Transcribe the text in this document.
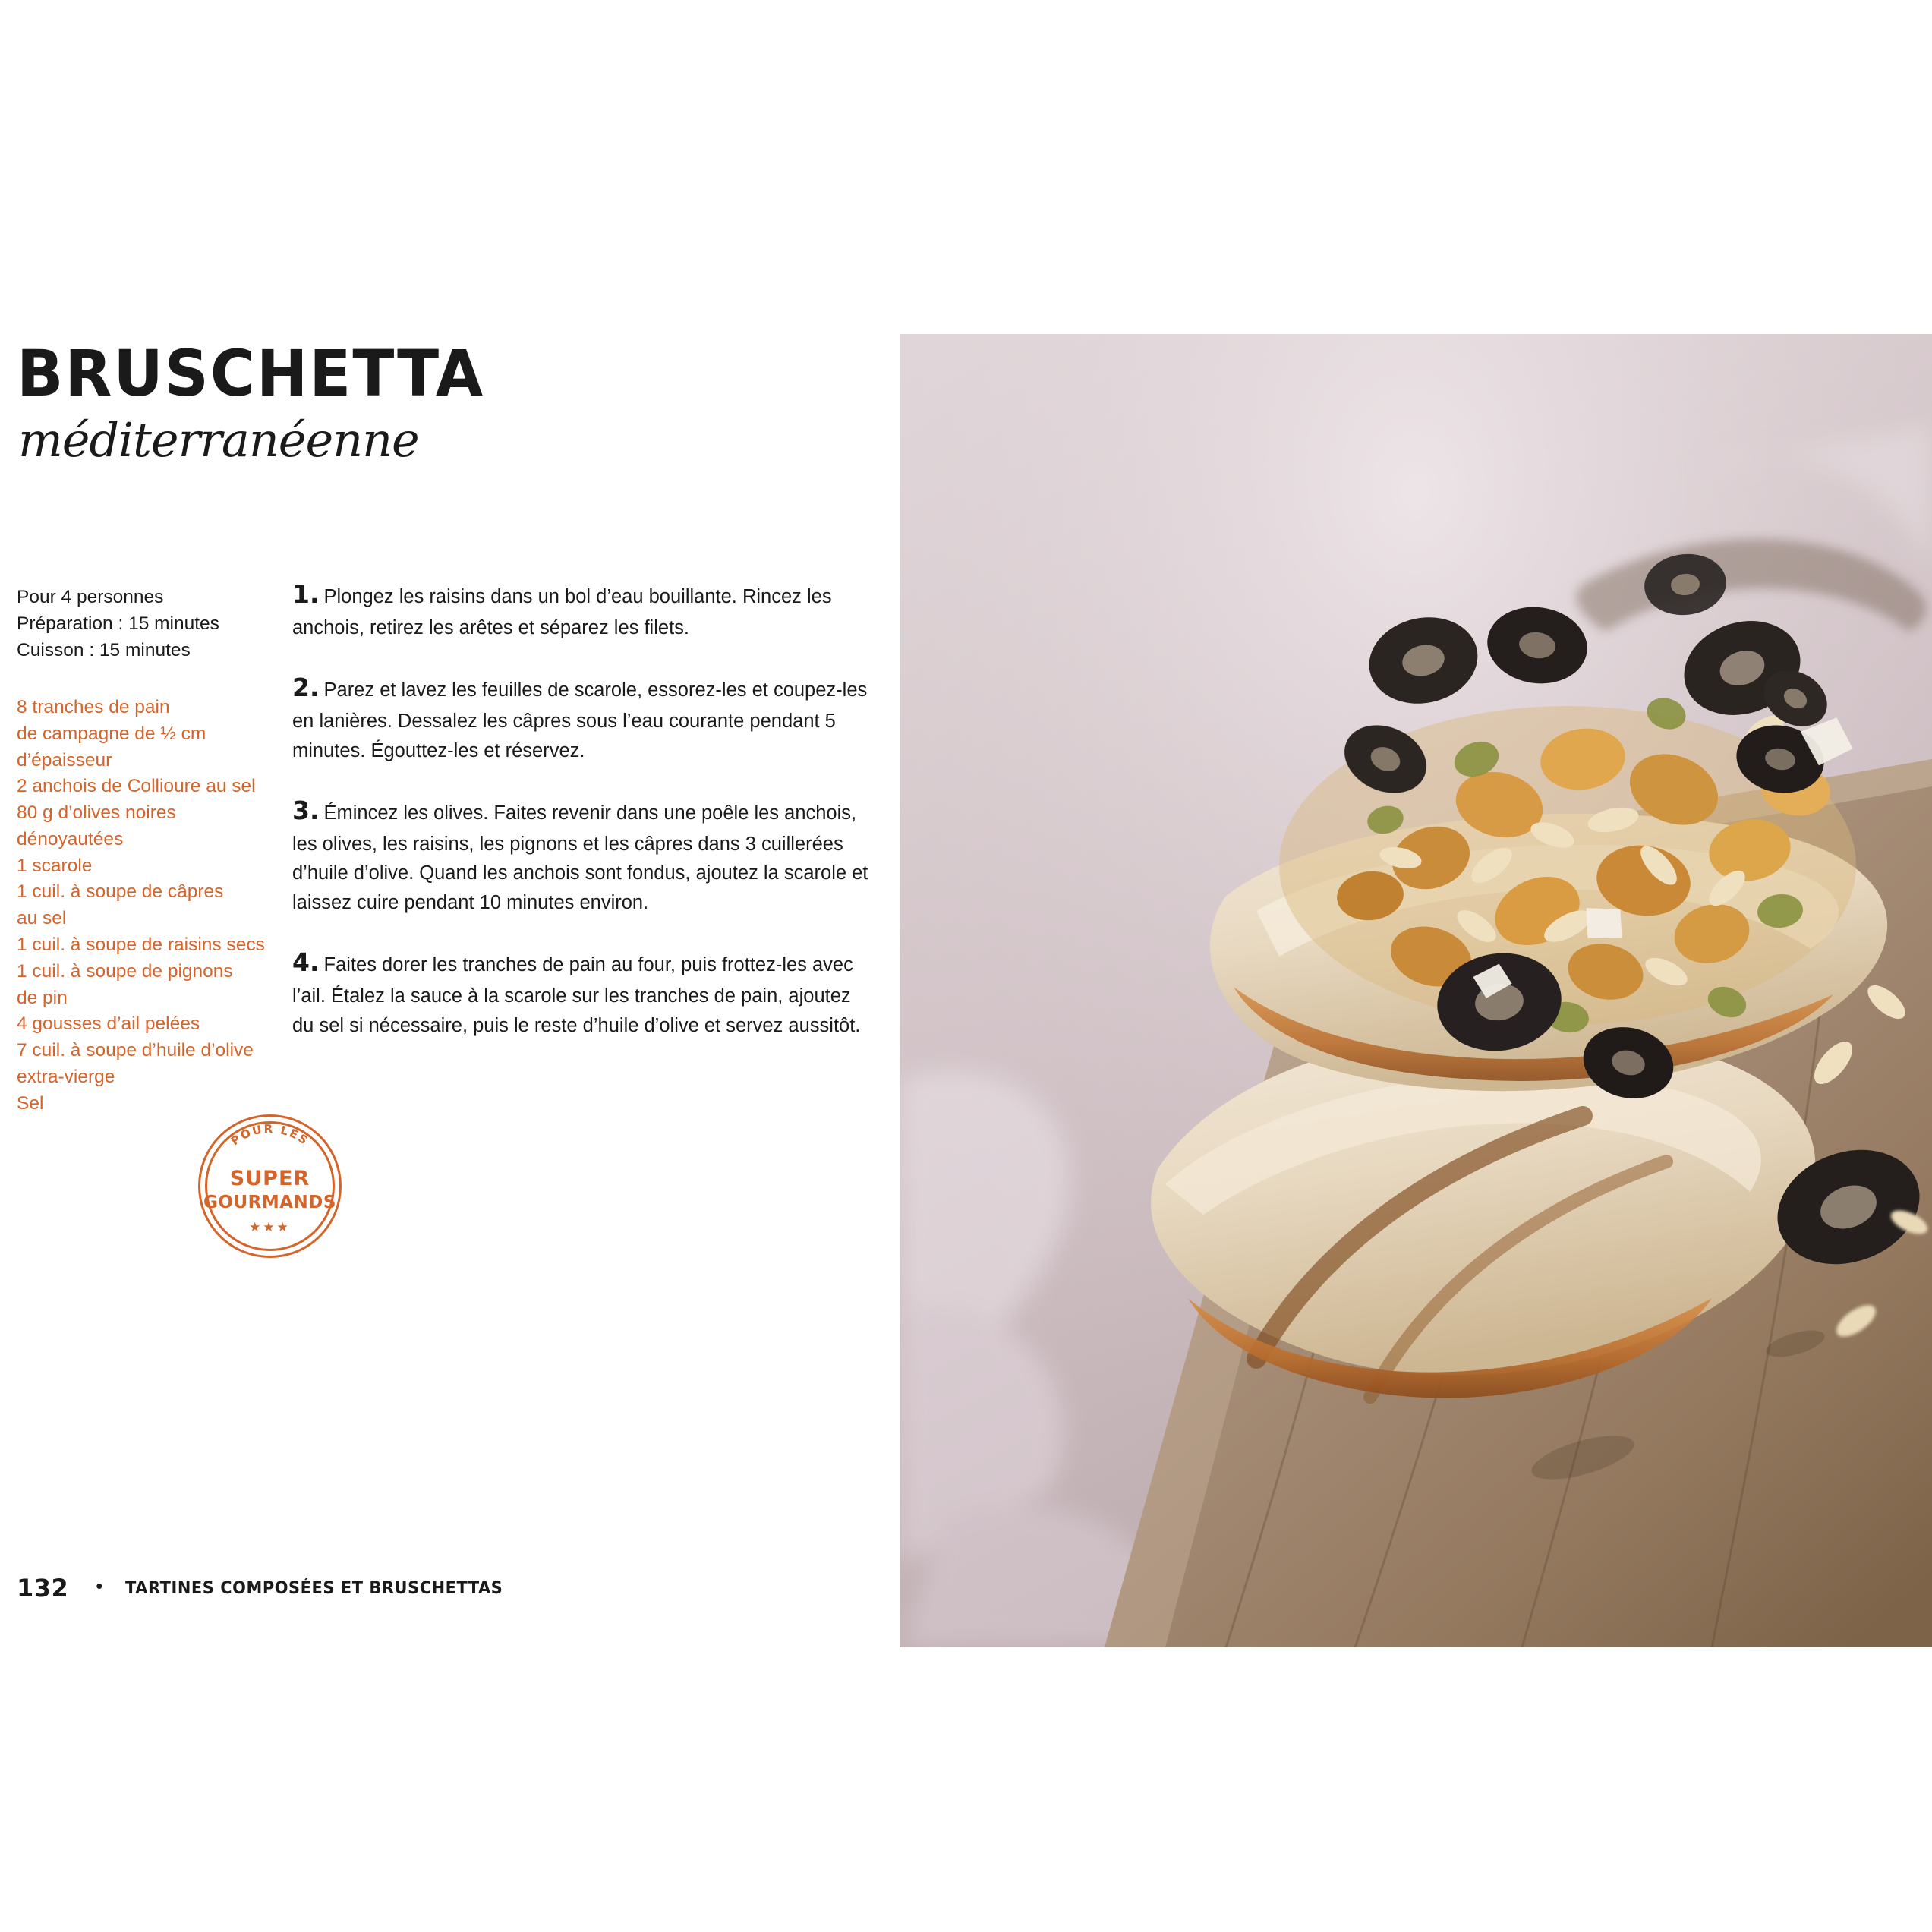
BRUSCHETTA
méditerranéenne
Pour 4 personnes
Préparation : 15 minutes
Cuisson : 15 minutes
8 tranches de pain
de campagne de ½ cm
d’épaisseur
2 anchois de Collioure au sel
80 g d’olives noires
dénoyautées
1 scarole
1 cuil. à soupe de câpres
au sel
1 cuil. à soupe de raisins secs
1 cuil. à soupe de pignons
de pin
4 gousses d’ail pelées
7 cuil. à soupe d’huile d’olive
extra-vierge
Sel
1. Plongez les raisins dans un bol d’eau bouillante. Rincez les anchois, retirez les arêtes et séparez les filets.
2. Parez et lavez les feuilles de scarole, essorez-les et coupez-les en lanières. Dessalez les câpres sous l’eau courante pendant 5 minutes. Égouttez-les et réservez.
3. Émincez les olives. Faites revenir dans une poêle les anchois, les olives, les raisins, les pignons et les câpres dans 3 cuillerées d’huile d’olive. Quand les anchois sont fondus, ajoutez la scarole et laissez cuire pendant 10 minutes environ.
4. Faites dorer les tranches de pain au four, puis frottez-les avec l’ail. Étalez la sauce à la scarole sur les tranches de pain, ajoutez du sel si nécessaire, puis le reste d’huile d’olive et servez aussitôt.
POUR LES
SUPER
GOURMANDS
★★★
132 • TARTINES COMPOSÉES ET BRUSCHETTAS
